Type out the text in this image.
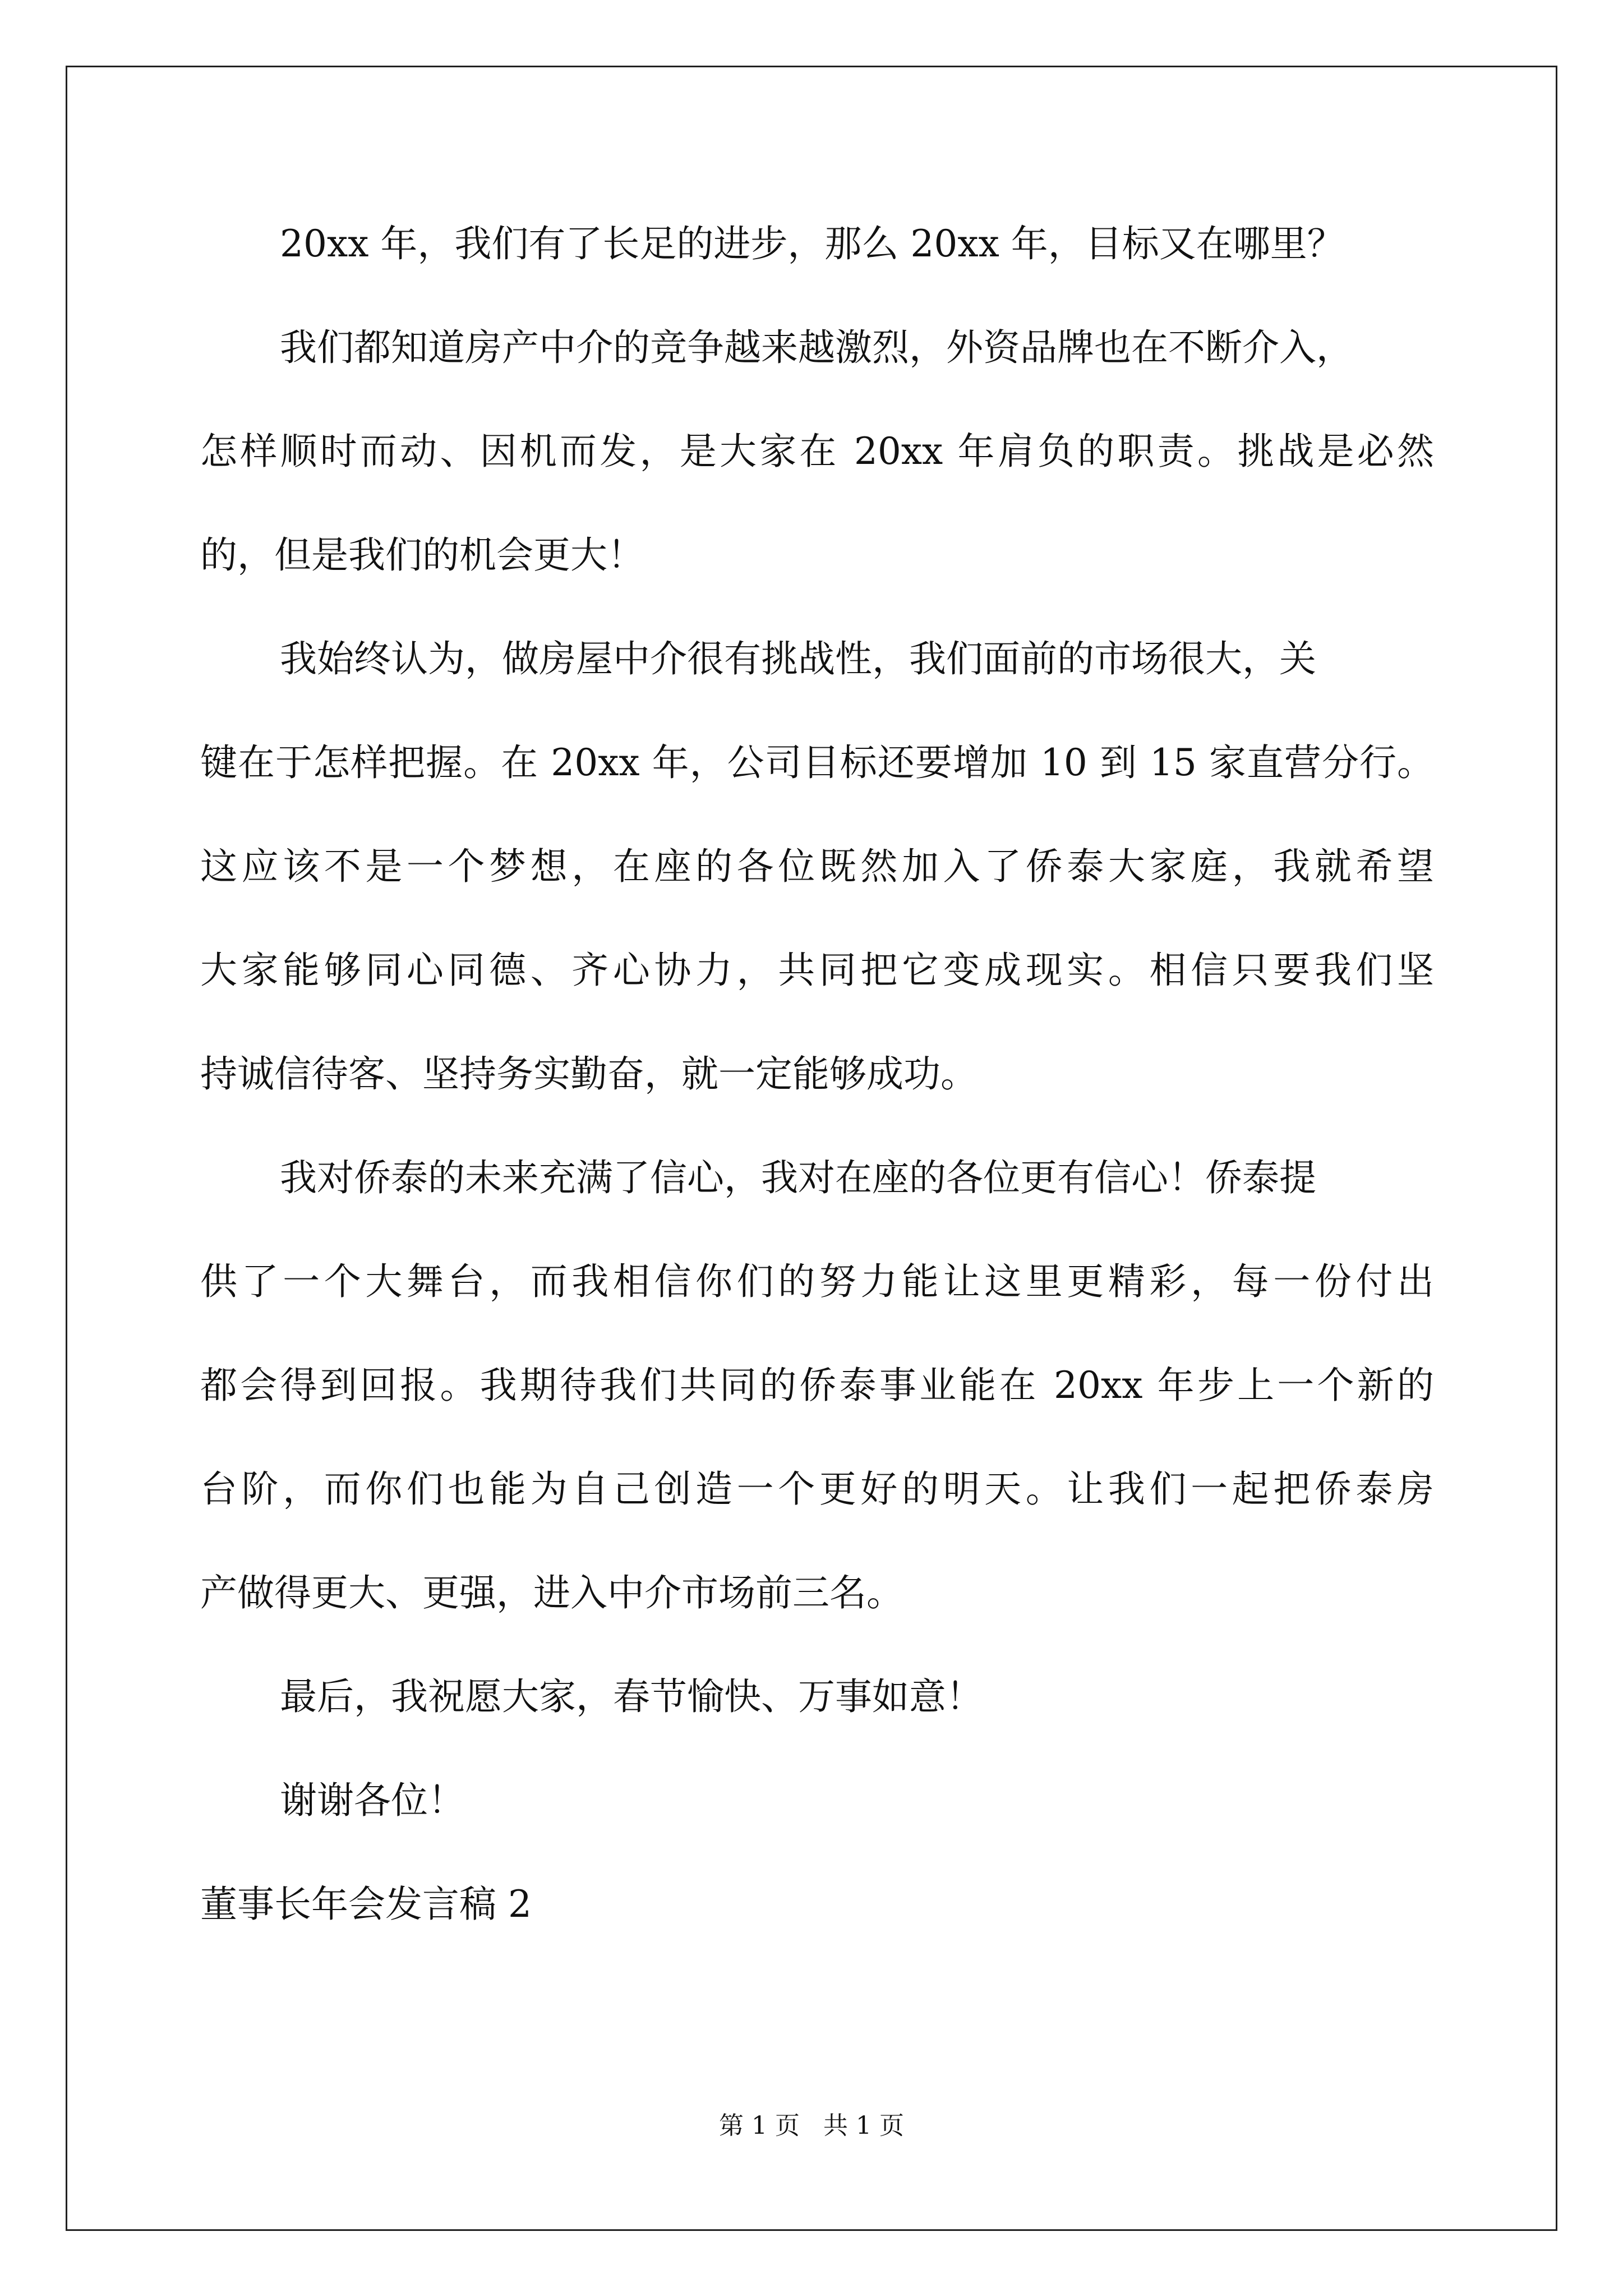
20xx 年，我们有了长足的进步，那么 20xx 年，目标又在哪里？
我们都知道房产中介的竞争越来越激烈，外资品牌也在不断介入，
怎样顺时而动、因机而发，是大家在 20xx 年肩负的职责。挑战是必然
的，但是我们的机会更大！
我始终认为，做房屋中介很有挑战性，我们面前的市场很大，关
键在于怎样把握。在 20xx 年，公司目标还要增加 10 到 15 家直营分行。
这应该不是一个梦想，在座的各位既然加入了侨泰大家庭，我就希望
大家能够同心同德、齐心协力，共同把它变成现实。相信只要我们坚
持诚信待客、坚持务实勤奋，就一定能够成功。
我对侨泰的未来充满了信心，我对在座的各位更有信心！侨泰提
供了一个大舞台，而我相信你们的努力能让这里更精彩，每一份付出
都会得到回报。我期待我们共同的侨泰事业能在 20xx 年步上一个新的
台阶，而你们也能为自己创造一个更好的明天。让我们一起把侨泰房
产做得更大、更强，进入中介市场前三名。
最后，我祝愿大家，春节愉快、万事如意！
谢谢各位！
董事长年会发言稿 2
第 1 页   共 1 页
